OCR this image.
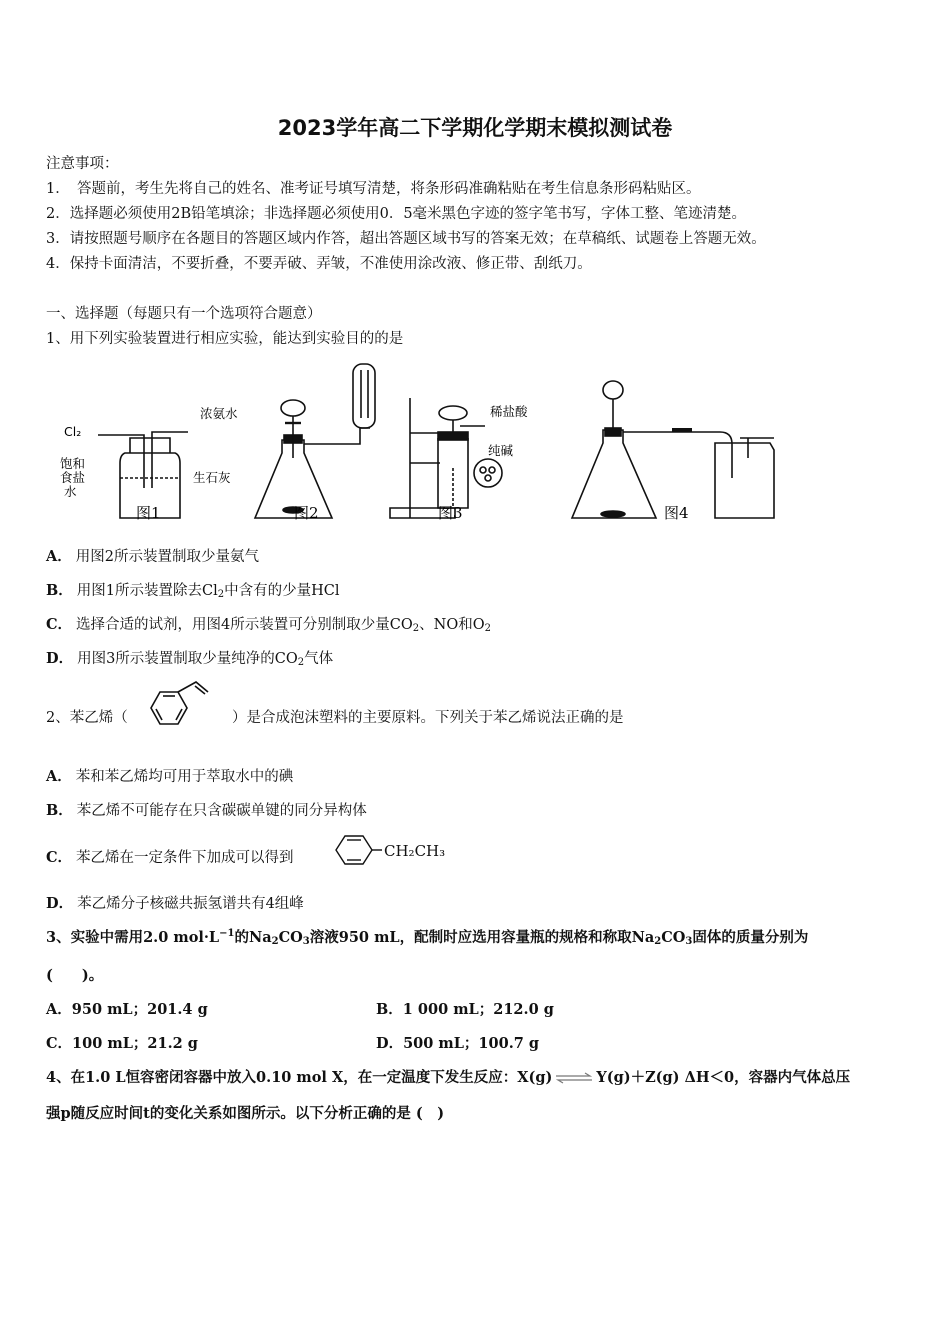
2023学年高二下学期化学期末模拟测试卷
注意事项：
1．　答题前，考生先将自己的姓名、准考证号填写清楚，将条形码准确粘贴在考生信息条形码粘贴区。
2．选择题必须使用2B铅笔填涂；非选择题必须使用0．5毫米黑色字迹的签字笔书写，字体工整、笔迹清楚。
3．请按照题号顺序在各题目的答题区域内作答，超出答题区域书写的答案无效；在草稿纸、试题卷上答题无效。
4．保持卡面清洁，不要折叠，不要弄破、弄皱，不准使用涂改液、修正带、刮纸刀。
一、选择题（每题只有一个选项符合题意）
1、用下列实验装置进行相应实验，能达到实验目的的是
Cl₂
饱和
食盐
水
浓氨水
生石灰
稀盐酸
纯碱
图1	图2	图3	图4
A． 用图2所示装置制取少量氨气
B． 用图1所示装置除去$Cl_2$中含有的少量HCl
C． 选择合适的试剂，用图4所示装置可分别制取少量$CO_2$、NO和$O_2$
D． 用图3所示装置制取少量纯净的$CO_2$气体
2、苯乙烯（	）是合成泡沫塑料的主要原料。下列关于苯乙烯说法正确的是
A． 苯和苯乙烯均可用于萃取水中的碘
B． 苯乙烯不可能存在只含碳碳单键的同分异构体
C． 苯乙烯在一定条件下加成可以得到	CH₂CH₃
D． 苯乙烯分子核磁共振氢谱共有4组峰
3、实验中需用2.0 $mol\cdot L^{-1}$的$Na_2CO_3$溶液950 mL，配制时应选用容量瓶的规格和称取$Na_2CO_3$固体的质量分别为
(　　)。
A．950 mL；201.4 g	B．1 000 mL；212.0 g
C．100 mL；21.2 g	D．500 mL；100.7 g
4、在1.0 L恒容密闭容器中放入0.10 mol X，在一定温度下发生反应：X(g) ⇌ Y(g)＋Z(g) ΔH＜0，容器内气体总压
强p随反应时间t的变化关系如图所示。以下分析正确的是 (　)
